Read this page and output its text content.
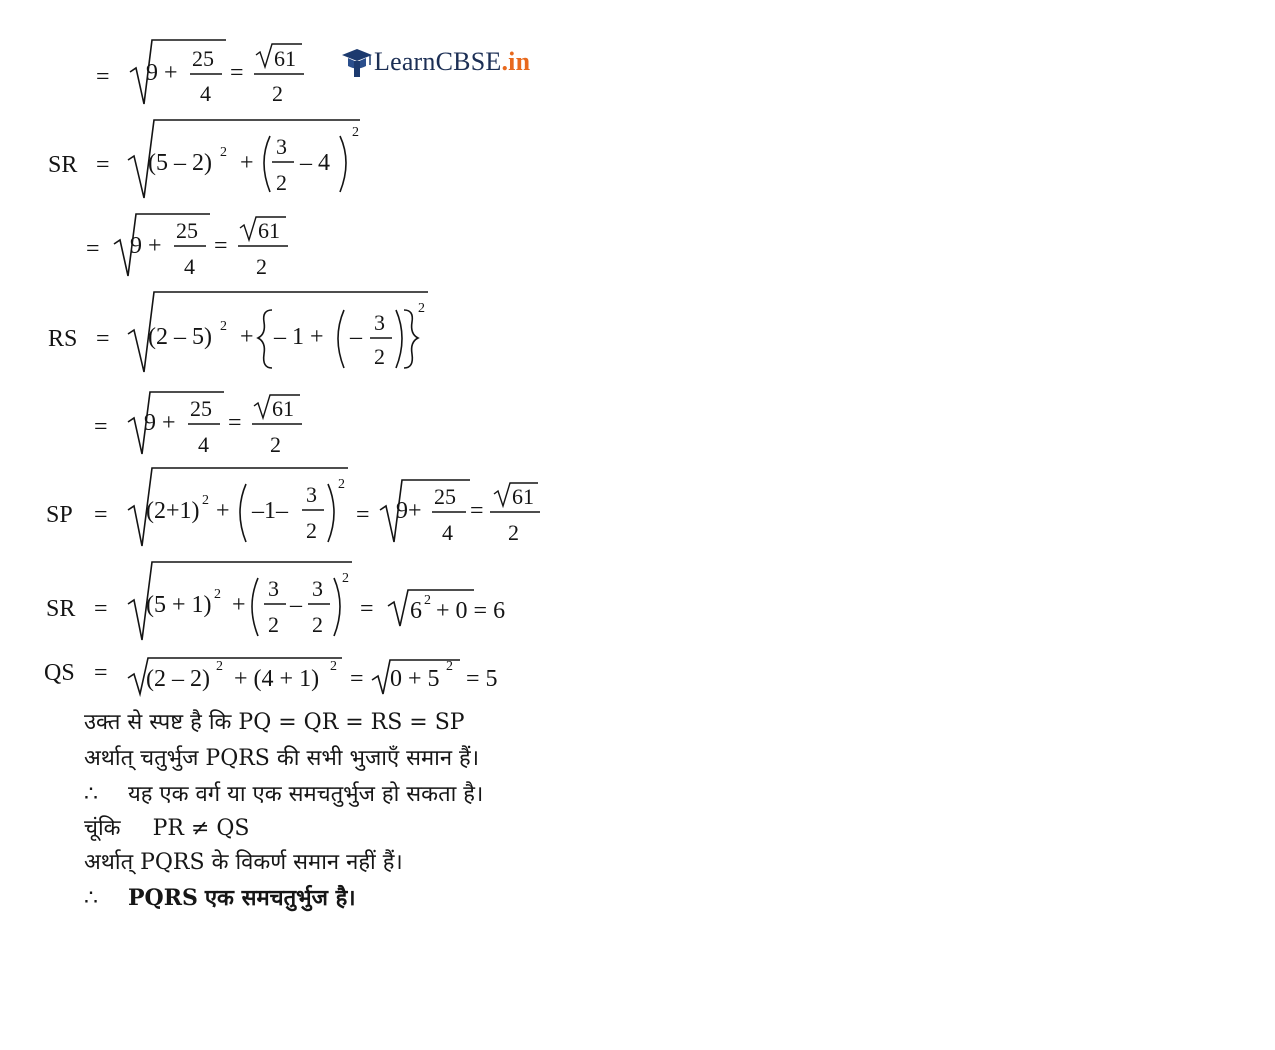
= 9 +
25
4
=
61
2
SR = (5 – 2) 2 +
3
2
– 4
2
= 9 +
25
4
=
61
2
RS = (2 – 5) 2 + – 1 + –
3
2
2
= 9 +
25
4
=
61
2
SP = (2+1) 2 + –1–
3
2
2
= 9+
25
4
=
61
2
SR = (5 + 1) 2 +
3
2
–
3
2
2
= 6 2 + 0 = 6
QS = (2 – 2) 2 + (4 + 1) 2 = 0 + 5 2 = 5
LearnCBSE.in
उक्त से स्पष्ट है कि PQ = QR = RS = SP
अर्थात् चतुर्भुज PQRS की सभी भुजाएँ समान हैं।
∴ यह एक वर्ग या एक समचतुर्भुज हो सकता है।
चूंकि PR ≠ QS
अर्थात् PQRS के विकर्ण समान नहीं हैं।
∴ PQRS एक समचतुर्भुज है।
